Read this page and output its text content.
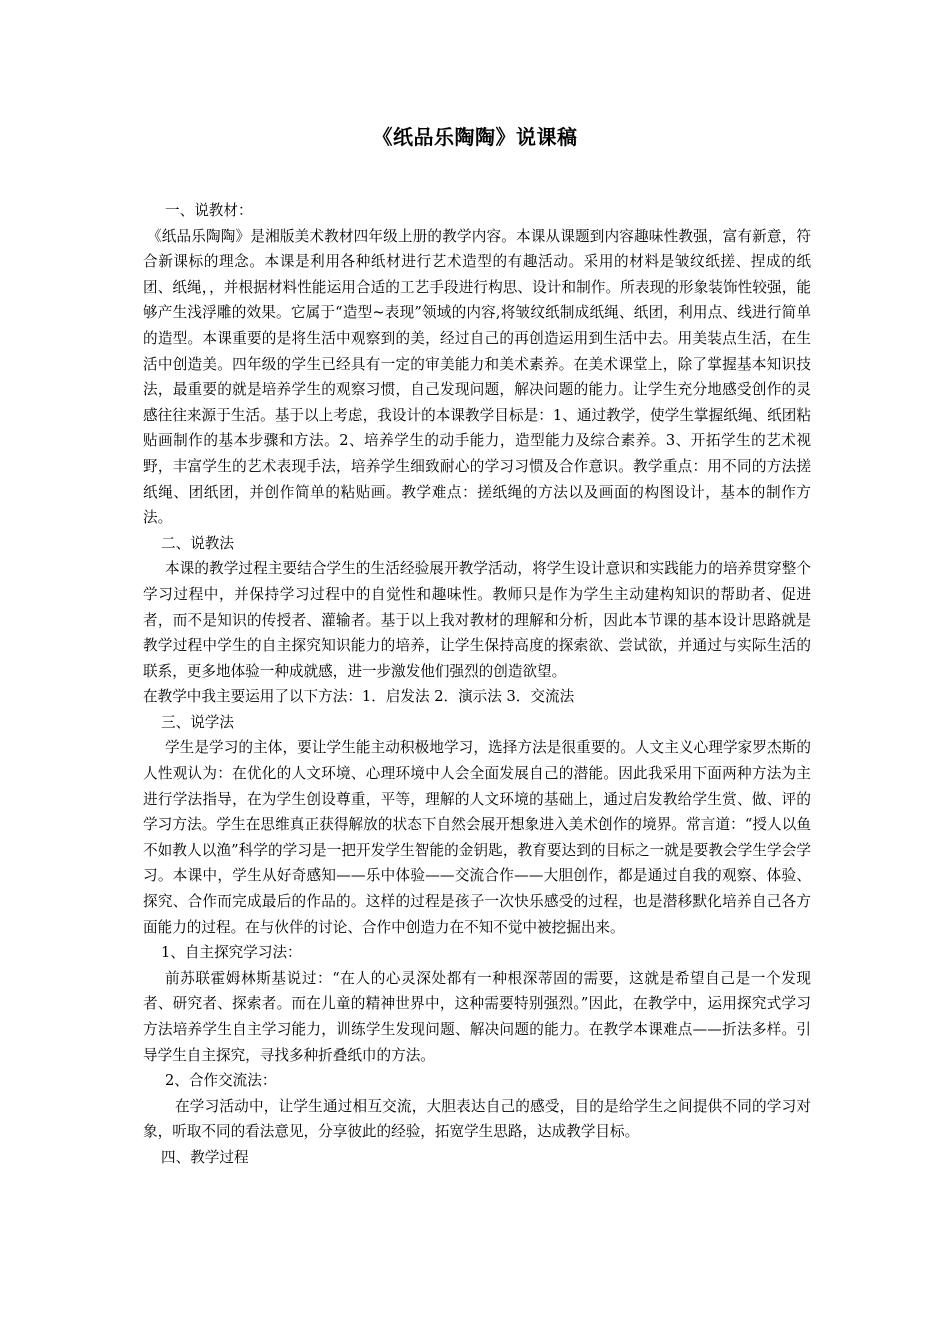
《纸品乐陶陶》说课稿

一、说教材：

《纸品乐陶陶》是湘版美术教材四年级上册的教学内容。本课从课题到内容趣味性教强，富有新意，符合新课标的理念。本课是利用各种纸材进行艺术造型的有趣活动。采用的材料是皱纹纸搓、捏成的纸团、纸绳，，并根据材料性能运用合适的工艺手段进行构思、设计和制作。所表现的形象装饰性较强，能够产生浅浮雕的效果。它属于“造型~表现”领域的内容,将皱纹纸制成纸绳、纸团，利用点、线进行简单的造型。本课重要的是将生活中观察到的美，经过自己的再创造运用到生活中去。用美装点生活，在生活中创造美。四年级的学生已经具有一定的审美能力和美术素养。在美术课堂上，除了掌握基本知识技法，最重要的就是培养学生的观察习惯，自己发现问题，解决问题的能力。让学生充分地感受创作的灵感往往来源于生活。基于以上考虑，我设计的本课教学目标是：1、通过教学，使学生掌握纸绳、纸团粘贴画制作的基本步骤和方法。2、培养学生的动手能力，造型能力及综合素养。3、开拓学生的艺术视野，丰富学生的艺术表现手法，培养学生细致耐心的学习习惯及合作意识。教学重点：用不同的方法搓纸绳、团纸团，并创作简单的粘贴画。教学难点：搓纸绳的方法以及画面的构图设计，基本的制作方法。

二、说教法

本课的教学过程主要结合学生的生活经验展开教学活动，将学生设计意识和实践能力的培养贯穿整个学习过程中，并保持学习过程中的自觉性和趣味性。教师只是作为学生主动建构知识的帮助者、促进者，而不是知识的传授者、灌输者。基于以上我对教材的理解和分析，因此本节课的基本设计思路就是教学过程中学生的自主探究知识能力的培养，让学生保持高度的探索欲、尝试欲，并通过与实际生活的联系，更多地体验一种成就感，进一步激发他们强烈的创造欲望。

在教学中我主要运用了以下方法：1．启发法 2．演示法 3．交流法

三、说学法

学生是学习的主体，要让学生能主动积极地学习，选择方法是很重要的。人文主义心理学家罗杰斯的人性观认为：在优化的人文环境、心理环境中人会全面发展自己的潜能。因此我采用下面两种方法为主进行学法指导，在为学生创设尊重，平等，理解的人文环境的基础上，通过启发教给学生赏、做、评的学习方法。学生在思维真正获得解放的状态下自然会展开想象进入美术创作的境界。常言道：“授人以鱼不如教人以渔”科学的学习是一把开发学生智能的金钥匙，教育要达到的目标之一就是要教会学生学会学习。本课中，学生从好奇感知——乐中体验——交流合作——大胆创作，都是通过自我的观察、体验、探究、合作而完成最后的作品的。这样的过程是孩子一次快乐感受的过程，也是潜移默化培养自己各方面能力的过程。在与伙伴的讨论、合作中创造力在不知不觉中被挖掘出来。

1、自主探究学习法：

前苏联霍姆林斯基说过：“在人的心灵深处都有一种根深蒂固的需要，这就是希望自己是一个发现者、研究者、探索者。而在儿童的精神世界中，这种需要特别强烈。”因此，在教学中，运用探究式学习方法培养学生自主学习能力，训练学生发现问题、解决问题的能力。在教学本课难点——折法多样。引导学生自主探究，寻找多种折叠纸巾的方法。

2、合作交流法：

在学习活动中，让学生通过相互交流，大胆表达自己的感受，目的是给学生之间提供不同的学习对象，听取不同的看法意见，分享彼此的经验，拓宽学生思路，达成教学目标。

四、教学过程
